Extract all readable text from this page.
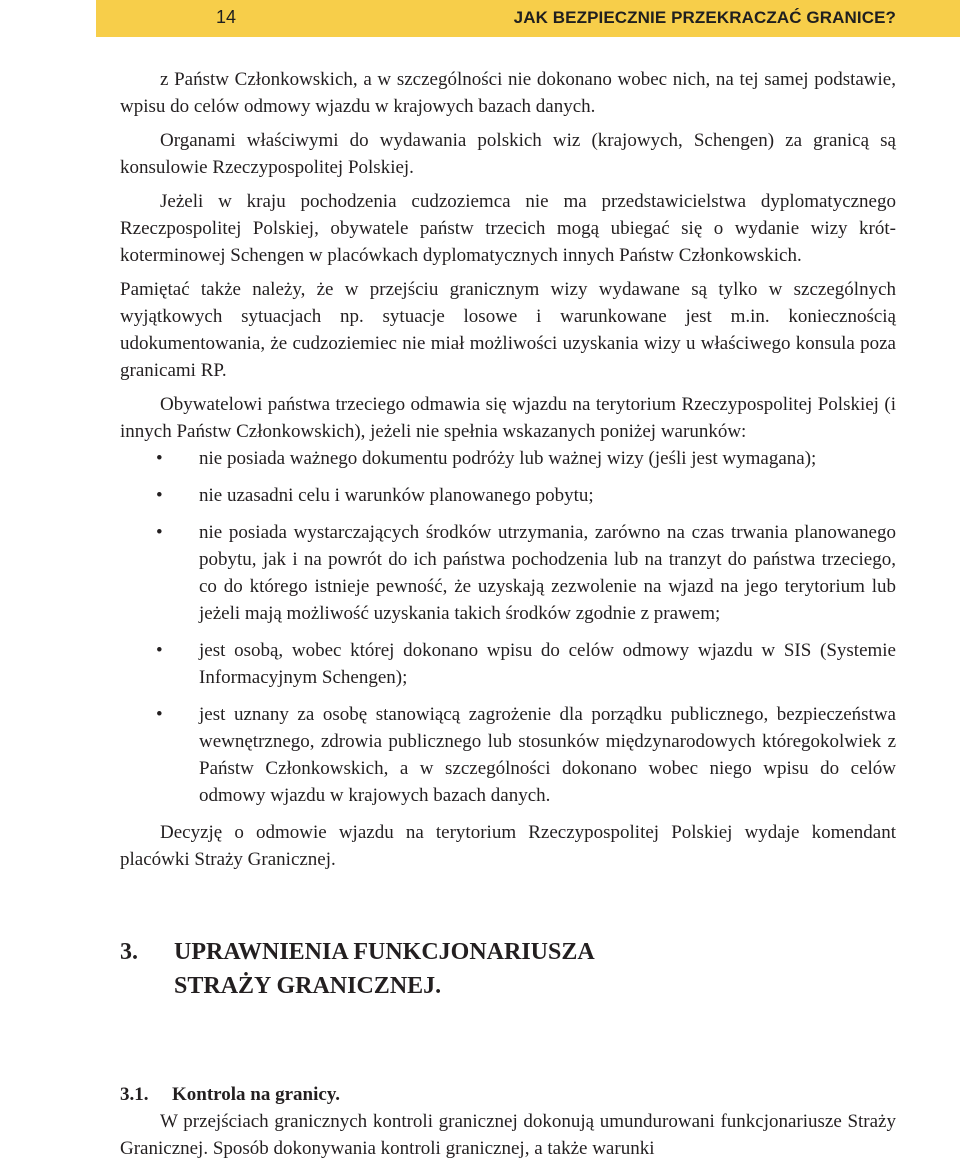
14	JAK BEZPIECZNIE PRZEKRACZAĆ GRANICE?

z Państw Członkowskich, a w szczególności nie dokonano wobec nich, na tej samej podstawie, wpisu do celów odmowy wjazdu w krajowych bazach danych.

Organami właściwymi do wydawania polskich wiz (krajowych, Schengen) za granicą są konsulowie Rzeczypospolitej Polskiej.

Jeżeli w kraju pochodzenia cudzoziemca nie ma przedstawicielstwa dyplomatycznego Rzeczpospolitej Polskiej, obywatele państw trzecich mogą ubiegać się o wydanie wizy krótkoterminowej Schengen w placówkach dyplomatycznych innych Państw Członkowskich.

Pamiętać także należy, że w przejściu granicznym wizy wydawane są tylko w szczególnych wyjątkowych sytuacjach np. sytuacje losowe i warunkowane jest m.in. koniecznością udokumentowania, że cudzoziemiec nie miał możliwości uzyskania wizy u właściwego konsula poza granicami RP.

Obywatelowi państwa trzeciego odmawia się wjazdu na terytorium Rzeczypospolitej Polskiej (i innych Państw Członkowskich), jeżeli nie spełnia wskazanych poniżej warunków:

• nie posiada ważnego dokumentu podróży lub ważnej wizy (jeśli jest wymagana);
• nie uzasadni celu i warunków planowanego pobytu;
• nie posiada wystarczających środków utrzymania, zarówno na czas trwania planowanego pobytu, jak i na powrót do ich państwa pochodzenia lub na tranzyt do państwa trzeciego, co do którego istnieje pewność, że uzyskają zezwolenie na wjazd na jego terytorium lub jeżeli mają możliwość uzyskania takich środków zgodnie z prawem;
• jest osobą, wobec której dokonano wpisu do celów odmowy wjazdu w SIS (Systemie Informacyjnym Schengen);
• jest uznany za osobę stanowiącą zagrożenie dla porządku publicznego, bezpieczeństwa wewnętrznego, zdrowia publicznego lub stosunków międzynarodowych któregokolwiek z Państw Członkowskich, a w szczególności dokonano wobec niego wpisu do celów odmowy wjazdu w krajowych bazach danych.

Decyzję o odmowie wjazdu na terytorium Rzeczypospolitej Polskiej wydaje komendant placówki Straży Granicznej.

3.	UPRAWNIENIA FUNKCJONARIUSZA
STRAŻY GRANICZNEJ.
3.1.	Kontrola na granicy.

W przejściach granicznych kontroli granicznej dokonują umundurowani funkcjonariusze Straży Granicznej. Sposób dokonywania kontroli granicznej, a także warunki
